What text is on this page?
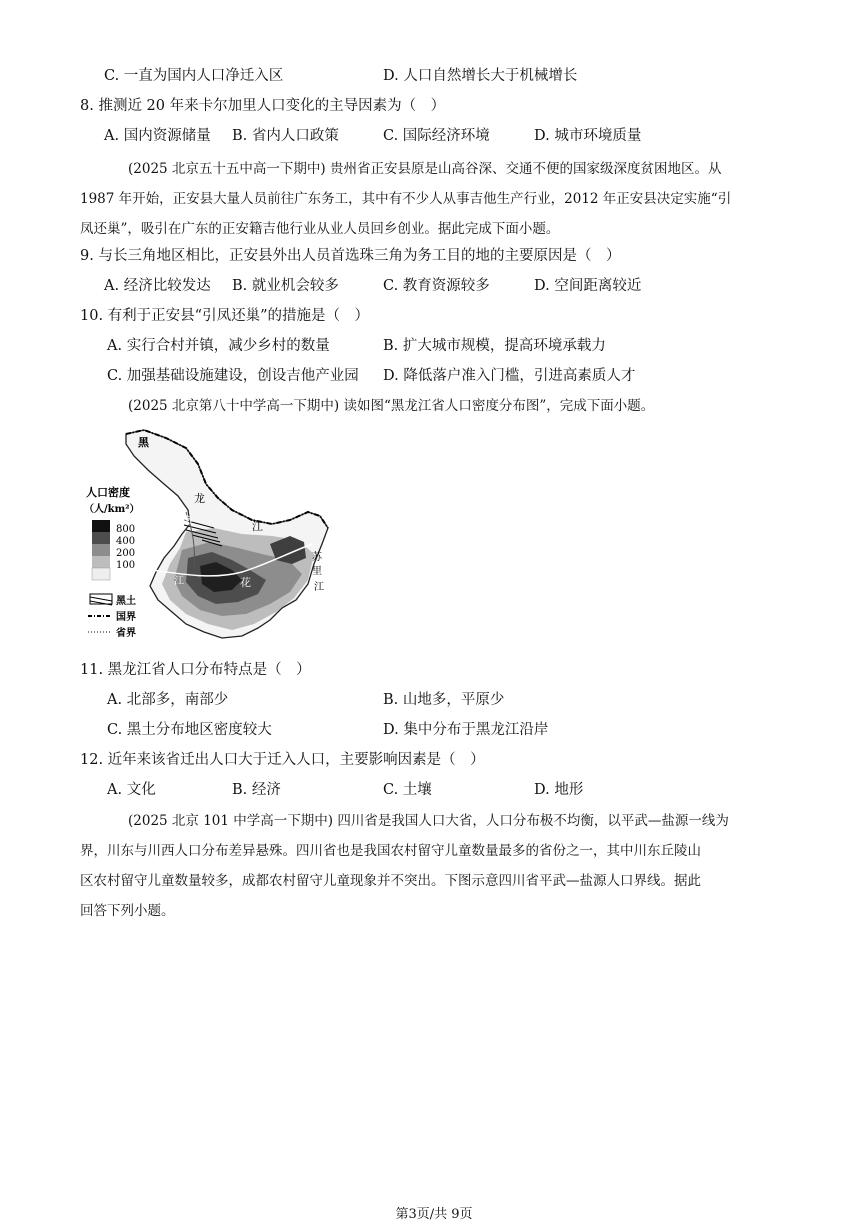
C. 一直为国内人口净迁入区	D. 人口自然增长大于机械增长
8. 推测近 20 年来卡尔加里人口变化的主导因素为（　）
A. 国内资源储量 B. 省内人口政策	C. 国际经济环境	D. 城市环境质量

(2025 北京五十五中高一下期中) 贵州省正安县原是山高谷深、交通不便的国家级深度贫困地区。从

1987 年开始，正安县大量人员前往广东务工，其中有不少人从事吉他生产行业，2012 年正安县决定实施“引

凤还巢”，吸引在广东的正安籍吉他行业从业人员回乡创业。据此完成下面小题。

9. 与长三角地区相比，正安县外出人员首选珠三角为务工目的地的主要原因是（　）
A. 经济比较发达 B. 就业机会较多	C. 教育资源较多	D. 空间距离较近
10. 有利于正安县“引凤还巢”的措施是（　）
A. 实行合村并镇，减少乡村的数量	B. 扩大城市规模，提高环境承载力
C. 加强基础设施建设，创设吉他产业园 D. 降低落户准入门槛，引进高素质人才
(2025 北京第八十中学高一下期中) 读如图“黑龙江省人口密度分布图”，完成下面小题。
黑
龙
嫩	江
苏
里
江
花
江
人口密度
（人/km²）
800
400
200
100
黑土
国界
省界
11. 黑龙江省人口分布特点是（　）
A. 北部多，南部少	B. 山地多，平原少
C. 黑土分布地区密度较大	D. 集中分布于黑龙江沿岸
12. 近年来该省迁出人口大于迁入人口，主要影响因素是（　）
A. 文化	B. 经济	C. 土壤	D. 地形

(2025 北京 101 中学高一下期中) 四川省是我国人口大省，人口分布极不均衡，以平武—盐源一线为

界，川东与川西人口分布差异悬殊。四川省也是我国农村留守儿童数量最多的省份之一，其中川东丘陵山

区农村留守儿童数量较多，成都农村留守儿童现象并不突出。下图示意四川省平武—盐源人口界线。据此

回答下列小题。

第3页/共 9页
